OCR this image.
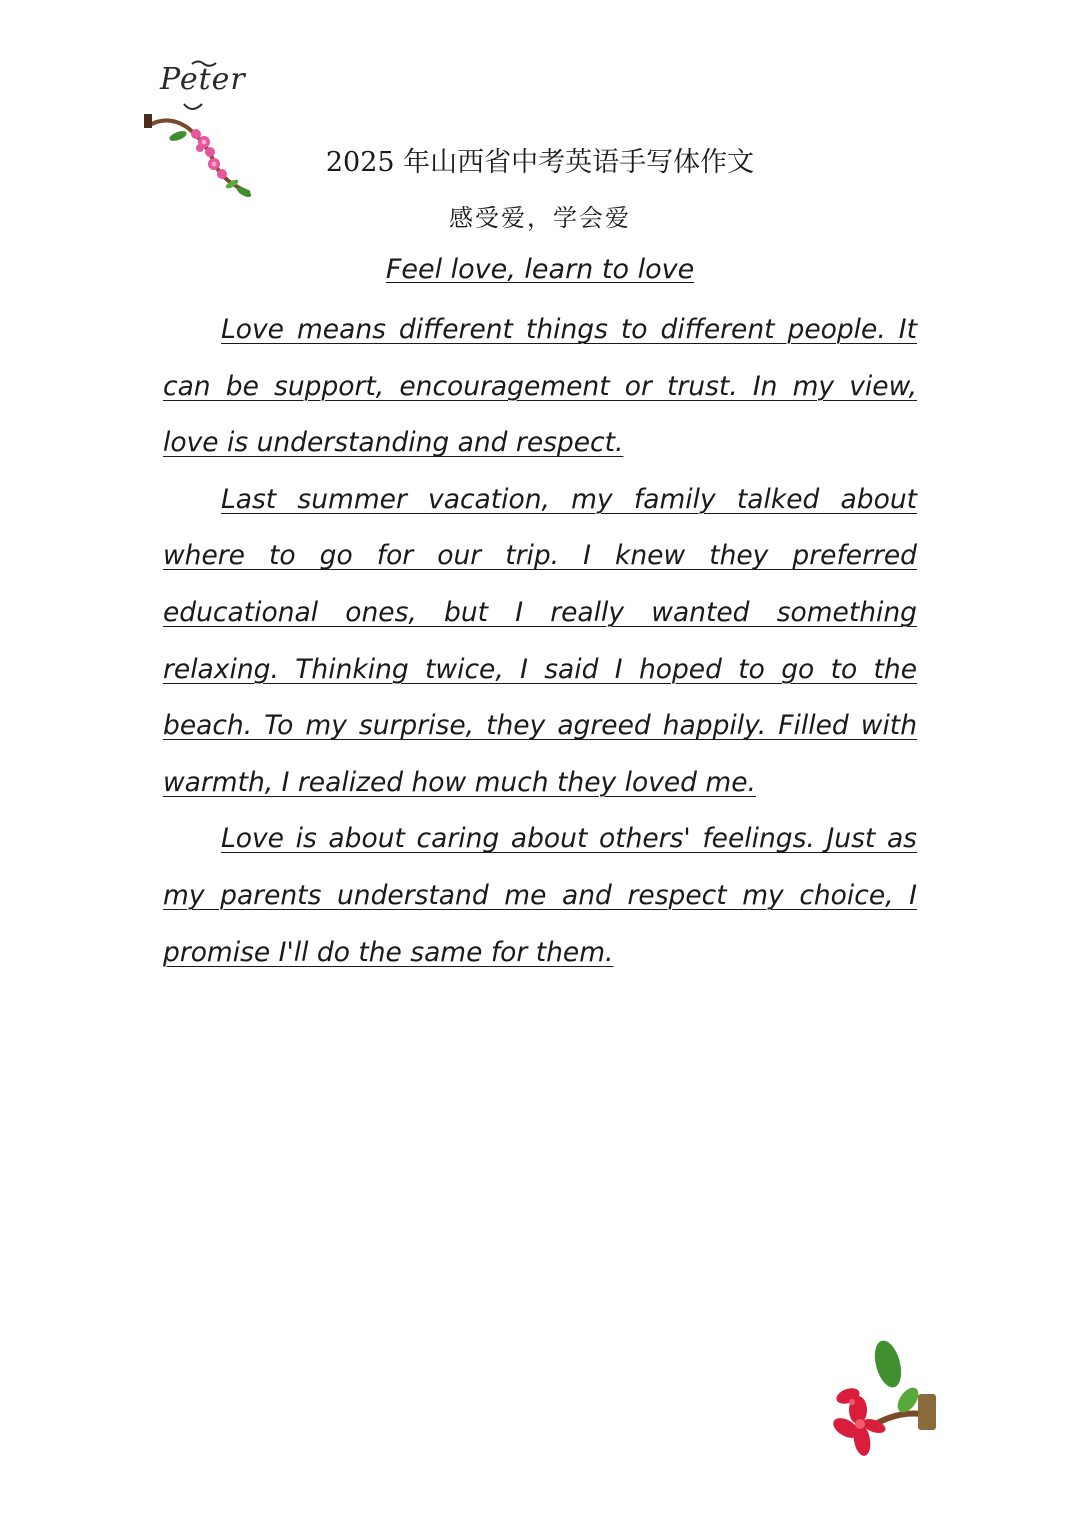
Peter
2025 年山西省中考英语手写体作文
感受爱，学会爱
Feel love, learn to love

Love means different things to different people. It can be support, encouragement or trust. In my view, love is understanding and respect.

Last summer vacation, my family talked about where to go for our trip. I knew they preferred educational ones, but I really wanted something relaxing. Thinking twice, I said I hoped to go to the beach. To my surprise, they agreed happily. Filled with warmth, I realized how much they loved me.

Love is about caring about others' feelings. Just as my parents understand me and respect my choice, I promise I'll do the same for them.
